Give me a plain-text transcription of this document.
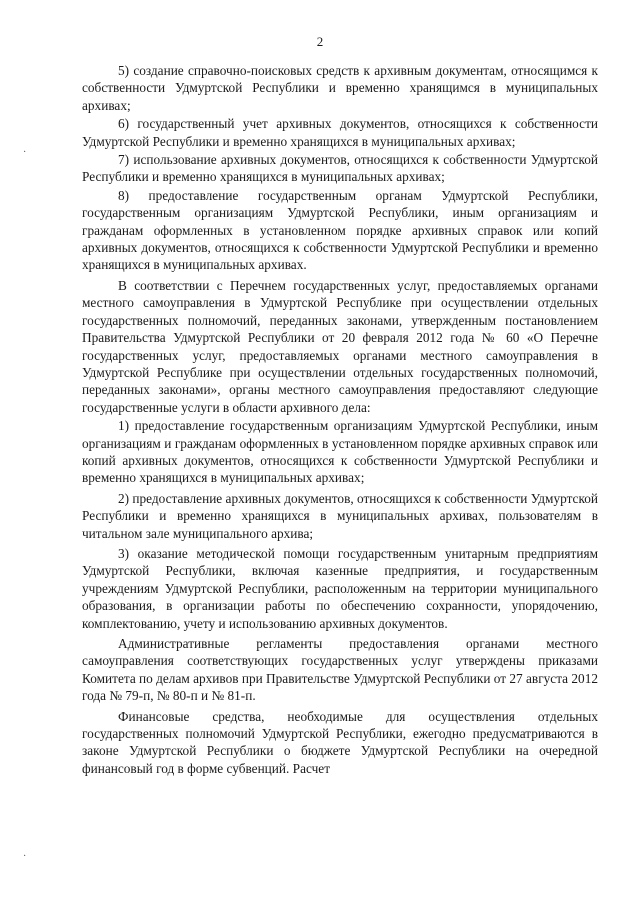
2
·
·

5) создание справочно-поисковых средств к архивным документам, относящимся к собственности Удмуртской Республики и временно хранящимся в муниципальных архивах;

6) государственный учет архивных документов, относящихся к собственности Удмуртской Республики и временно хранящихся в муниципальных архивах;

7) использование архивных документов, относящихся к собственности Удмуртской Республики и временно хранящихся в муниципальных архивах;

8) предоставление государственным органам Удмуртской Республики, государственным организациям Удмуртской Республики, иным организациям и гражданам оформленных в установленном порядке архивных справок или копий архивных документов, относящихся к собственности Удмуртской Республики и временно хранящихся в муниципальных архивах.

В соответствии с Перечнем государственных услуг, предоставляемых органами местного самоуправления в Удмуртской Республике при осуществлении отдельных государственных полномочий, переданных законами, утвержденным постановлением Правительства Удмуртской Республики от 20 февраля 2012 года № 60 «О Перечне государственных услуг, предоставляемых органами местного самоуправления в Удмуртской Республике при осуществлении отдельных государственных полномочий, переданных законами», органы местного самоуправления предоставляют следующие государственные услуги в области архивного дела:

1) предоставление государственным организациям Удмуртской Республики, иным организациям и гражданам оформленных в установленном порядке архивных справок или копий архивных документов, относящихся к собственности Удмуртской Республики и временно хранящихся в муниципальных архивах;

2) предоставление архивных документов, относящихся к собственности Удмуртской Республики и временно хранящихся в муниципальных архивах, пользователям в читальном зале муниципального архива;

3) оказание методической помощи государственным унитарным предприятиям Удмуртской Республики, включая казенные предприятия, и государственным учреждениям Удмуртской Республики, расположенным на территории муниципального образования, в организации работы по обеспечению сохранности, упорядочению, комплектованию, учету и использованию архивных документов.

Административные регламенты предоставления органами местного самоуправления соответствующих государственных услуг утверждены приказами Комитета по делам архивов при Правительстве Удмуртской Республики от 27 августа 2012 года № 79-п, № 80-п и № 81-п.

Финансовые средства, необходимые для осуществления отдельных государственных полномочий Удмуртской Республики, ежегодно предусматриваются в законе Удмуртской Республики о бюджете Удмуртской Республики на очередной финансовый год в форме субвенций. Расчет
